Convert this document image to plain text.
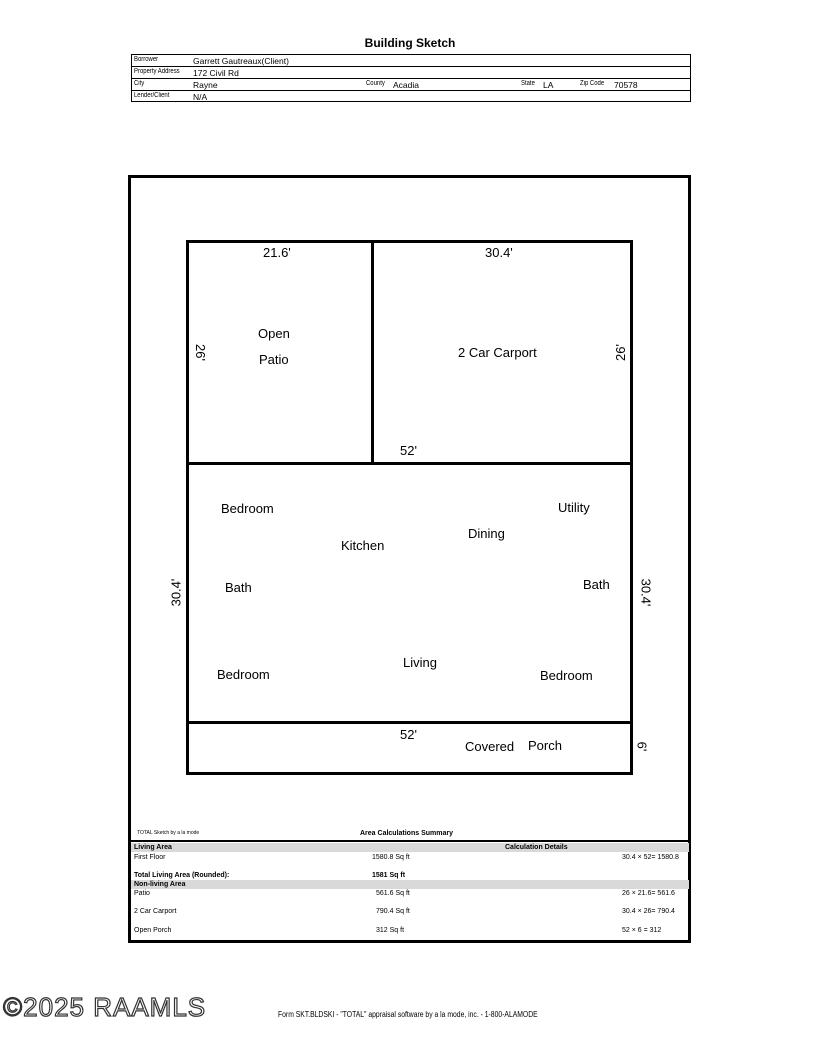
Building Sketch
Borrower	Garrett Gautreaux(Client)
Property Address 172 Civil Rd
City	Rayne	County Acadia	State LA	Zip Code 70578
Lender/Client	N/A
21.6'	30.4'
26'	26'
Open
Patio	2 Car Carport
52'
30.4'	30.4'
Bedroom
Kitchen
Dining
Utility
Bath	Bath
Bedroom
Living
Bedroom
52'
Covered Porch	6'
TOTAL Sketch by a la mode	Area Calculations Summary
Living Area	Calculation Details
First Floor	1580.8 Sq ft	30.4 × 52= 1580.8
Total Living Area (Rounded):	1581 Sq ft
Non-living Area
Patio	561.6 Sq ft	26 × 21.6= 561.6
2 Car Carport	790.4 Sq ft	30.4 × 26= 790.4
Open Porch	312 Sq ft	52 × 6 = 312
©2025 RAAMLS	Form SKT.BLDSKI - "TOTAL" appraisal software by a la mode, inc. - 1-800-ALAMODE
